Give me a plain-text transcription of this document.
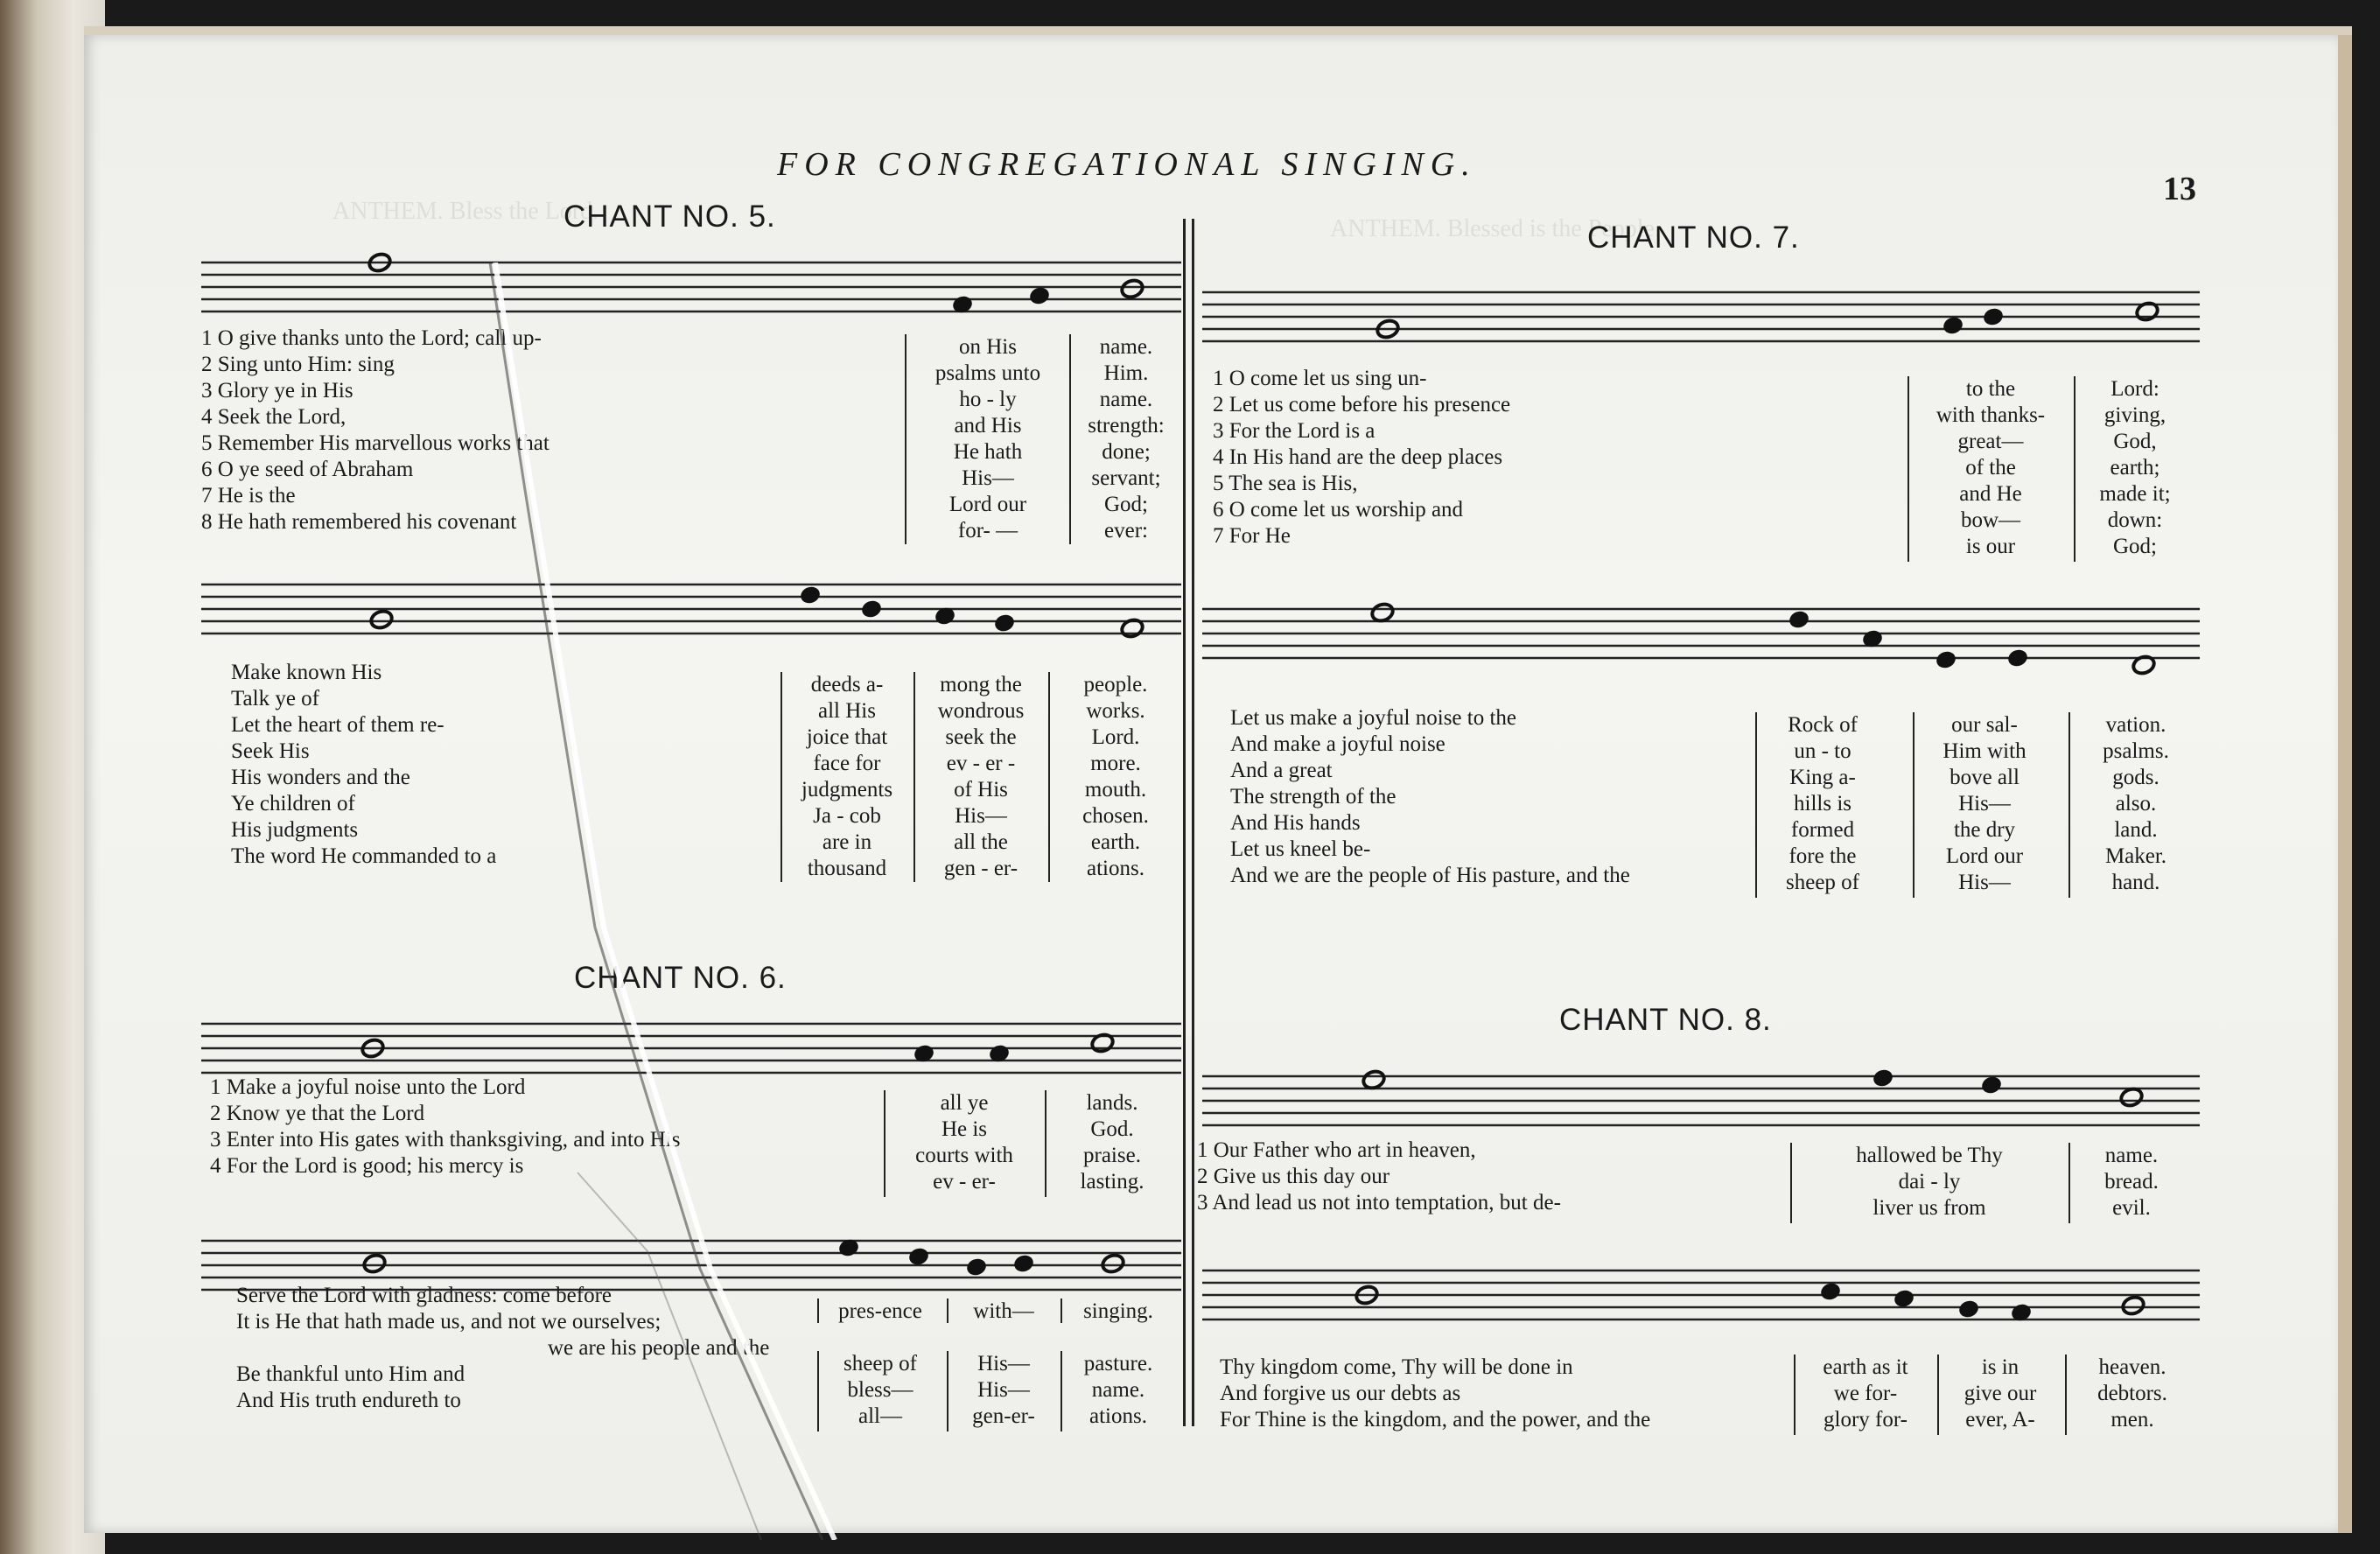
ANTHEM. Bless the Lord.
ANTHEM. Blessed is the People.
FOR CONGREGATIONAL SINGING.
13
CHANT NO. 5.
1 O give thanks unto the Lord; call up-
2 Sing unto Him: sing
3 Glory ye in His
4 Seek the Lord,
5 Remember His marvellous works that
6 O ye seed of Abraham
7 He is the
8 He hath remembered his covenant
on His
psalms unto
ho - ly
and His
He hath
His—
Lord our
for- —
name.
Him.
name.
strength:
done;
servant;
God;
ever:
Make known His
Talk ye of
Let the heart of them re-
Seek His
His wonders and the
Ye children of
His judgments
The word He commanded to a
deeds a-
all His
joice that
face for
judgments
Ja - cob
are in
thousand
mong the
wondrous
seek the
ev - er -
of His
His—
all the
gen - er-
people.
works.
Lord.
more.
mouth.
chosen.
earth.
ations.
CHANT NO. 6.
1 Make a joyful noise unto the Lord
2 Know ye that the Lord
3 Enter into His gates with thanksgiving, and into His
4 For the Lord is good; his mercy is
all ye
He is
courts with
ev - er-
lands.
God.
praise.
lasting.
Serve the Lord with gladness: come before
It is He that hath made us, and not we ourselves;
we are his people and the
Be thankful unto Him and
And His truth endureth to
pres-ence	with—	singing.
sheep of
bless—
all—
His—
His—
gen-er-
pasture.
name.
ations.
CHANT NO. 7.
1 O come let us sing un-
2 Let us come before his presence
3 For the Lord is a
4 In His hand are the deep places
5 The sea is His,
6 O come let us worship and
7 For He
to the
with thanks-
great—
of the
and He
bow—
is our
Lord:
giving,
God,
earth;
made it;
down:
God;
Let us make a joyful noise to the
And make a joyful noise
And a great
The strength of the
And His hands
Let us kneel be-
And we are the people of His pasture, and the
Rock of
un - to
King a-
hills is
formed
fore the
sheep of
our sal-
Him with
bove all
His—
the dry
Lord our
His—
vation.
psalms.
gods.
also.
land.
Maker.
hand.
CHANT NO. 8.
1 Our Father who art in heaven,
2 Give us this day our
3 And lead us not into temptation, but de-
hallowed be Thy
dai - ly
liver us from
name.
bread.
evil.
Thy kingdom come, Thy will be done in
And forgive us our debts as
For Thine is the kingdom, and the power, and the
earth as it
we for-
glory for-
is in
give our
ever, A-
heaven.
debtors.
men.
